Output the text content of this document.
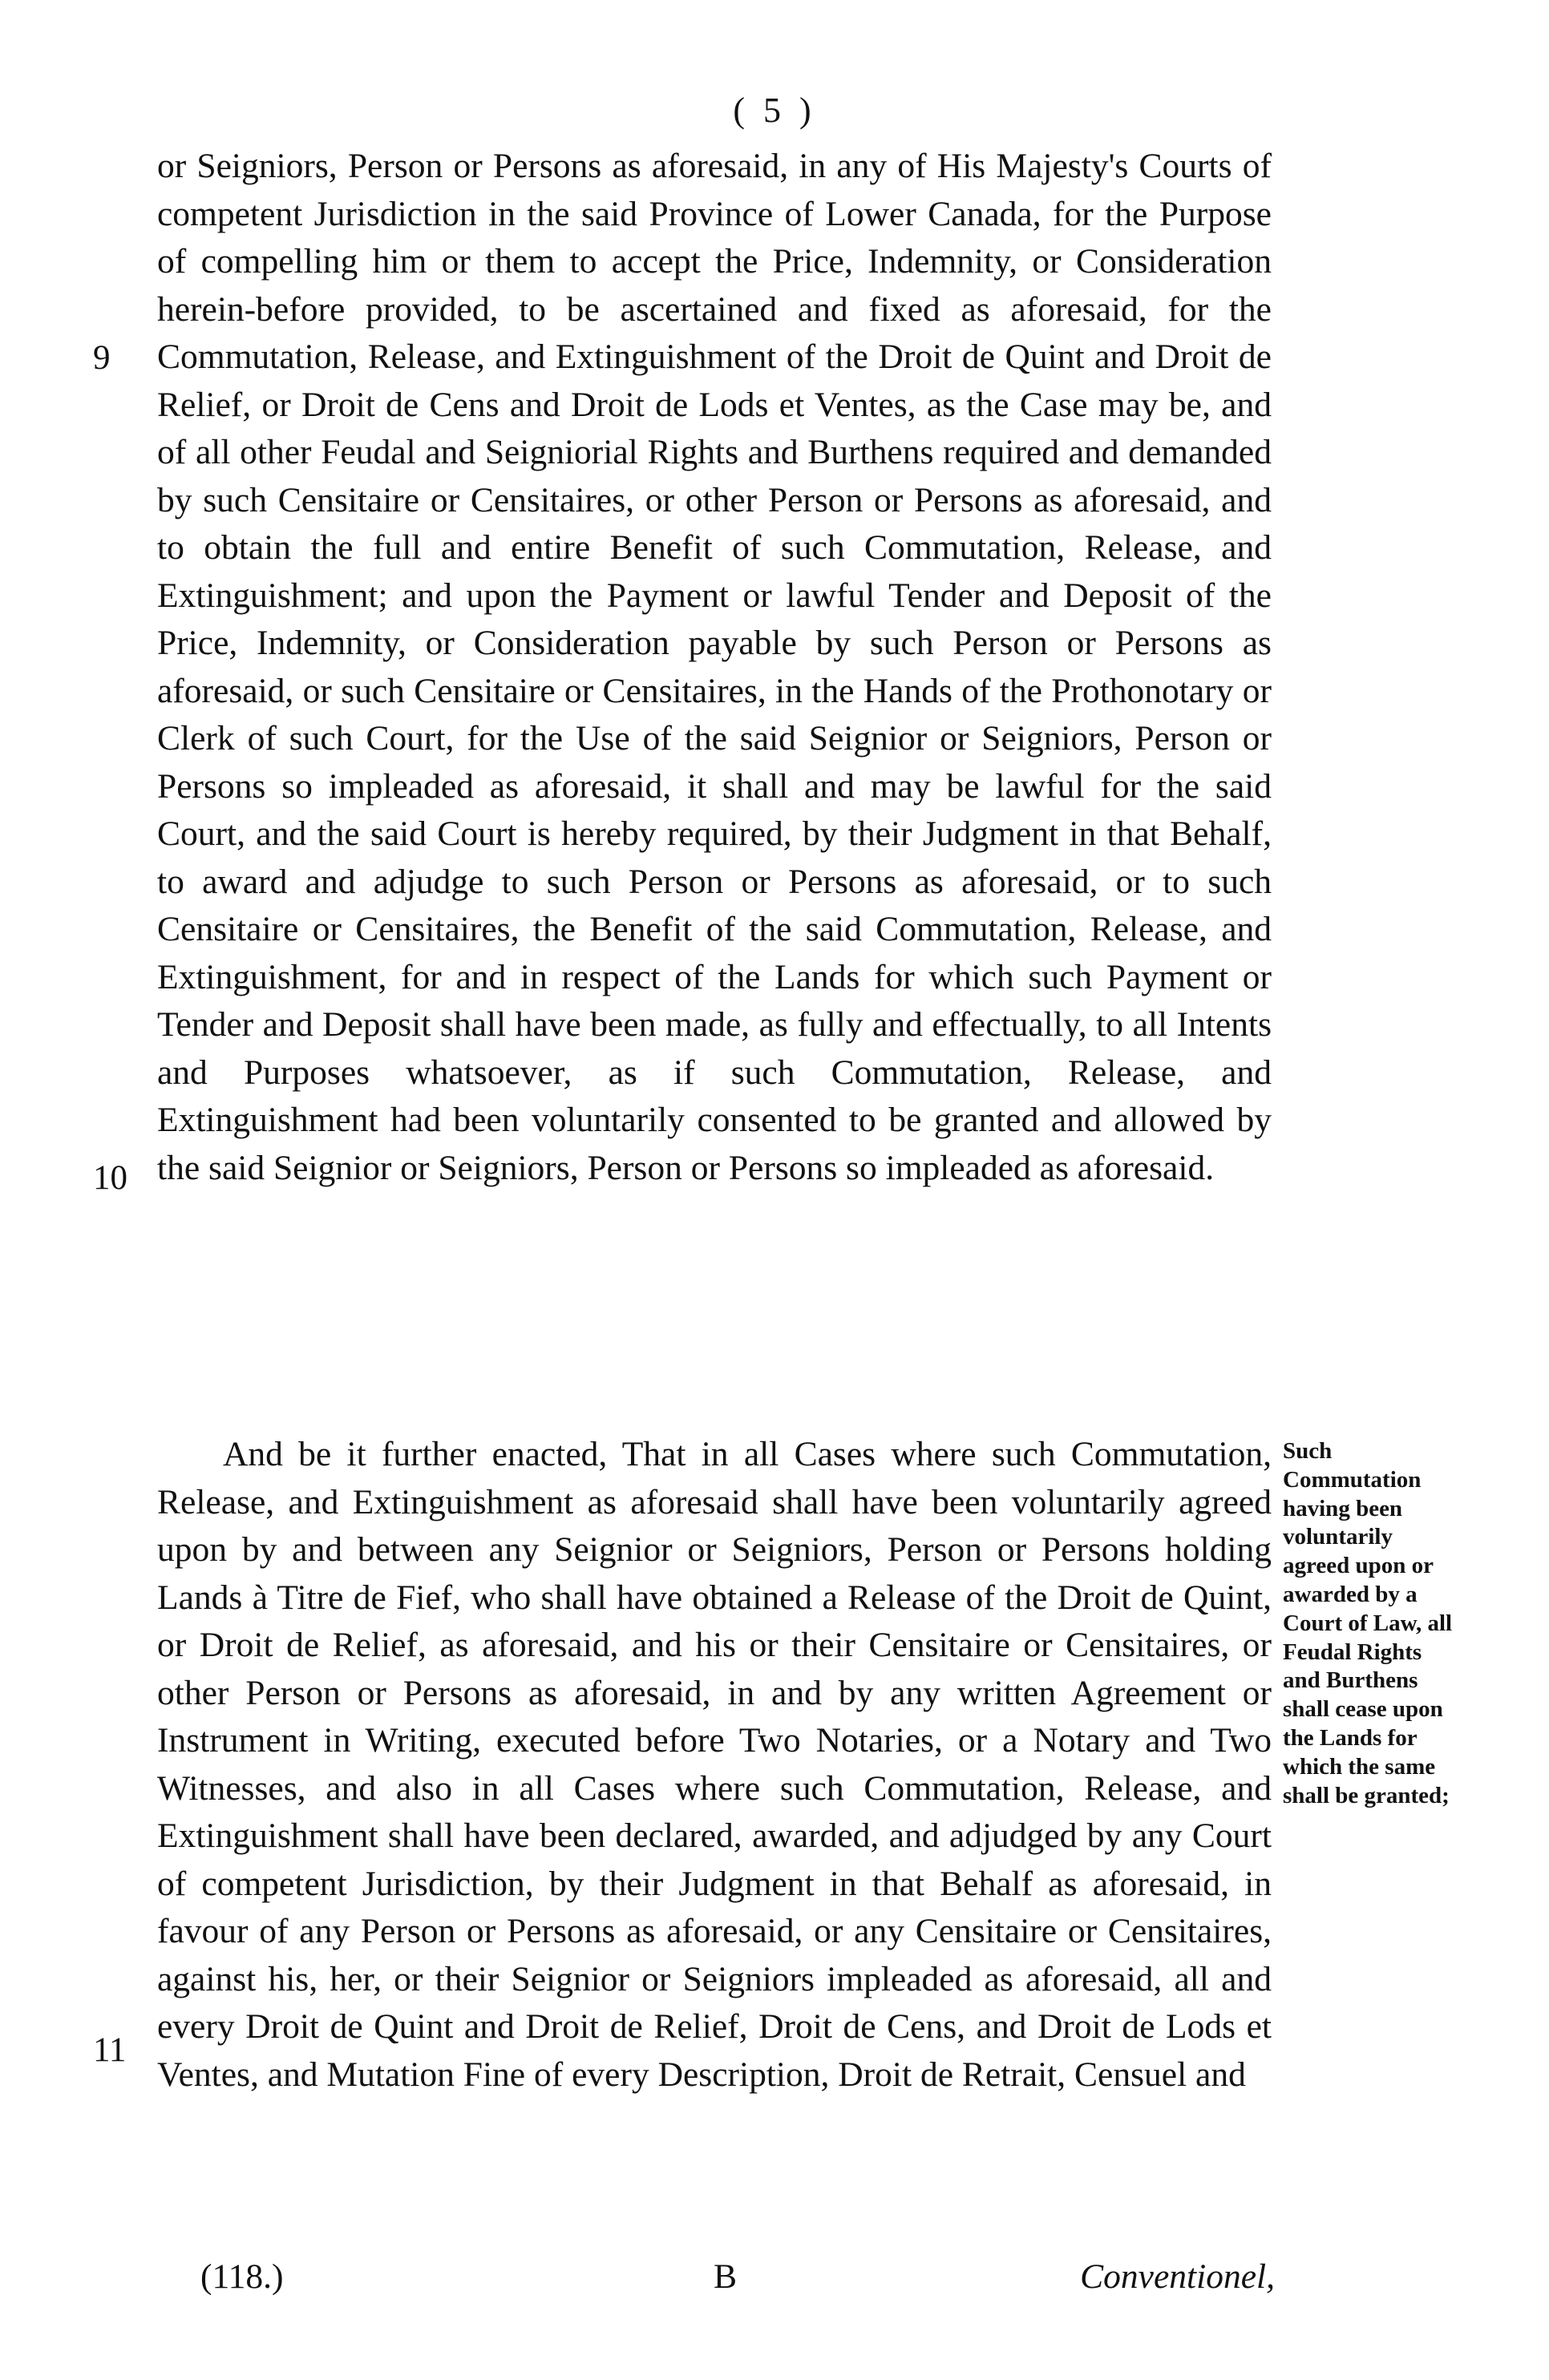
( 5 )
9
10
11

or Seigniors, Person or Persons as aforesaid, in any of His Majesty's Courts of competent Jurisdiction in the said Province of Lower Canada, for the Purpose of compelling him or them to accept the Price, Indemnity, or Consideration herein-before provided, to be ascertained and fixed as aforesaid, for the Commutation, Release, and Extinguishment of the Droit de Quint and Droit de Relief, or Droit de Cens and Droit de Lods et Ventes, as the Case may be, and of all other Feudal and Seigniorial Rights and Burthens required and demanded by such Censitaire or Censitaires, or other Person or Persons as aforesaid, and to obtain the full and entire Benefit of such Commutation, Release, and Extinguishment; and upon the Payment or lawful Tender and Deposit of the Price, Indemnity, or Consideration payable by such Person or Persons as aforesaid, or such Censitaire or Censitaires, in the Hands of the Prothonotary or Clerk of such Court, for the Use of the said Seignior or Seigniors, Person or Persons so impleaded as aforesaid, it shall and may be lawful for the said Court, and the said Court is hereby required, by their Judgment in that Behalf, to award and adjudge to such Person or Persons as aforesaid, or to such Censitaire or Censitaires, the Benefit of the said Commutation, Release, and Extinguishment, for and in respect of the Lands for which such Payment or Tender and Deposit shall have been made, as fully and effectually, to all Intents and Purposes whatsoever, as if such Commutation, Release, and Extinguishment had been voluntarily consented to be granted and allowed by the said Seignior or Seigniors, Person or Persons so impleaded as aforesaid.

And be it further enacted, That in all Cases where such Commutation, Release, and Extinguishment as aforesaid shall have been voluntarily agreed upon by and between any Seignior or Seigniors, Person or Persons holding Lands à Titre de Fief, who shall have obtained a Release of the Droit de Quint, or Droit de Relief, as aforesaid, and his or their Censitaire or Censitaires, or other Person or Persons as aforesaid, in and by any written Agreement or Instrument in Writing, executed before Two Notaries, or a Notary and Two Witnesses, and also in all Cases where such Commutation, Release, and Extinguishment shall have been declared, awarded, and adjudged by any Court of competent Jurisdiction, by their Judgment in that Behalf as aforesaid, in favour of any Person or Persons as aforesaid, or any Censitaire or Censitaires, against his, her, or their Seignior or Seigniors impleaded as aforesaid, all and every Droit de Quint and Droit de Relief, Droit de Cens, and Droit de Lods et Ventes, and Mutation Fine of every Description, Droit de Retrait, Censuel and

Such Commutation having been voluntarily agreed upon or awarded by a Court of Law, all Feudal Rights and Burthens shall cease upon the Lands for which the same shall be granted;
(118.)	B	Conventionel,
